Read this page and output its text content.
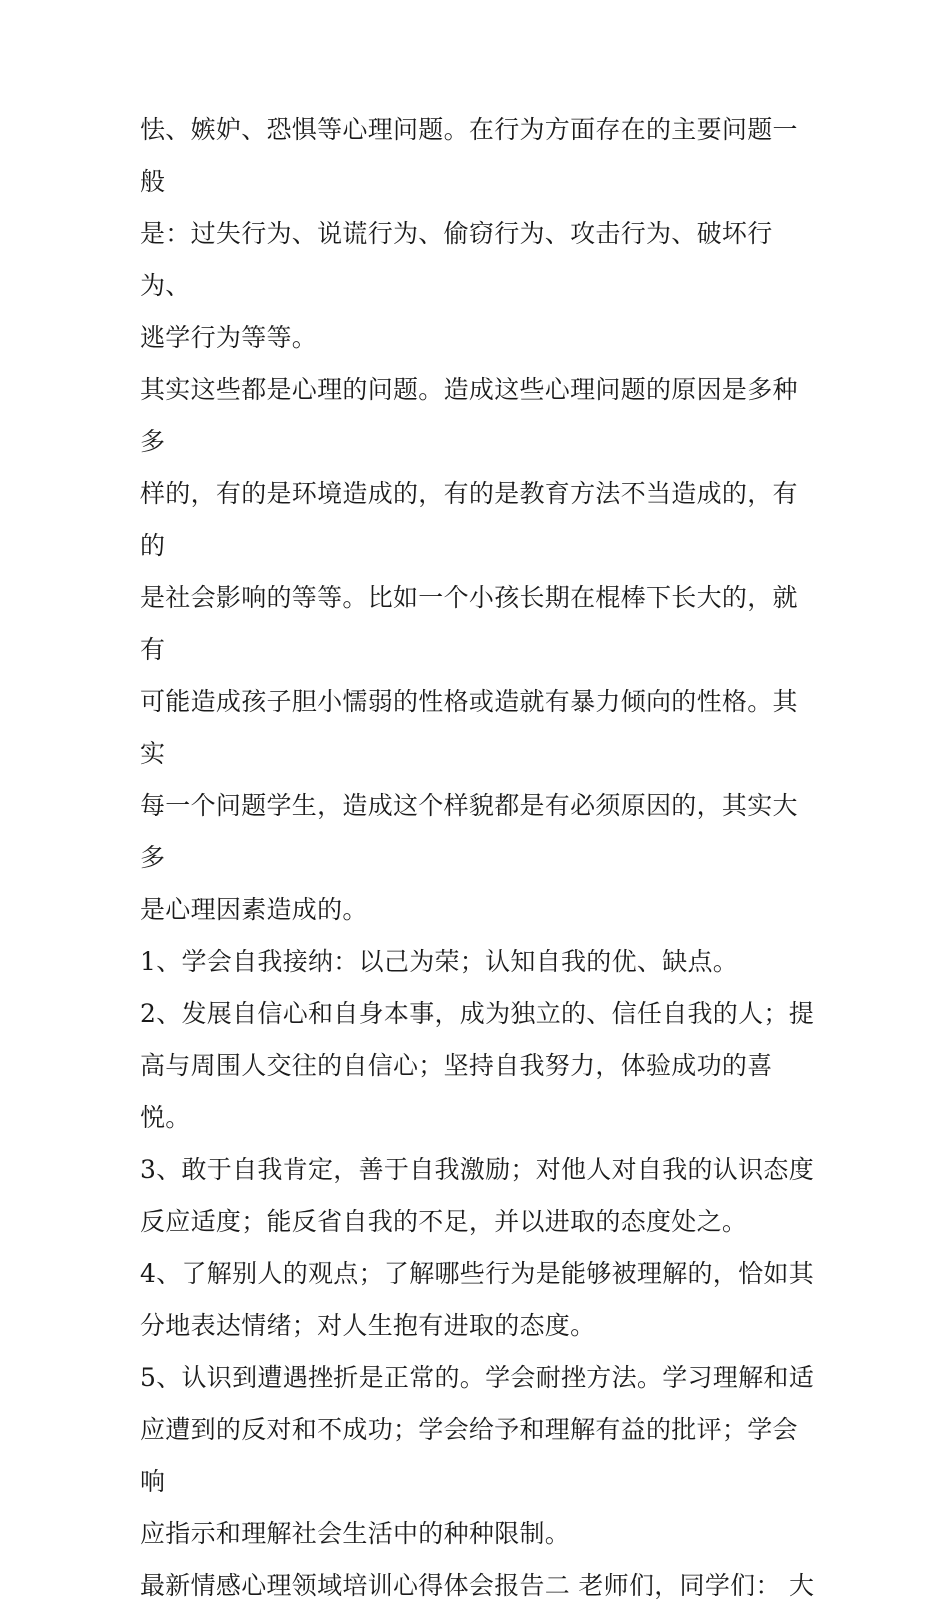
怯、嫉妒、恐惧等心理问题。在行为方面存在的主要问题一般
是：过失行为、说谎行为、偷窃行为、攻击行为、破坏行为、
逃学行为等等。

其实这些都是心理的问题。造成这些心理问题的原因是多种多
样的，有的是环境造成的，有的是教育方法不当造成的，有的
是社会影响的等等。比如一个小孩长期在棍棒下长大的，就有
可能造成孩子胆小懦弱的性格或造就有暴力倾向的性格。其实
每一个问题学生，造成这个样貌都是有必须原因的，其实大多
是心理因素造成的。

1、学会自我接纳：以己为荣；认知自我的优、缺点。

2、发展自信心和自身本事，成为独立的、信任自我的人；提
高与周围人交往的自信心；坚持自我努力，体验成功的喜悦。

3、敢于自我肯定，善于自我激励；对他人对自我的认识态度
反应适度；能反省自我的不足，并以进取的态度处之。

4、了解别人的观点；了解哪些行为是能够被理解的，恰如其
分地表达情绪；对人生抱有进取的态度。

5、认识到遭遇挫折是正常的。学会耐挫方法。学习理解和适
应遭到的反对和不成功；学会给予和理解有益的批评；学会响
应指示和理解社会生活中的种种限制。

最新情感心理领域培训心得体会报告二 老师们，同学们： 大
